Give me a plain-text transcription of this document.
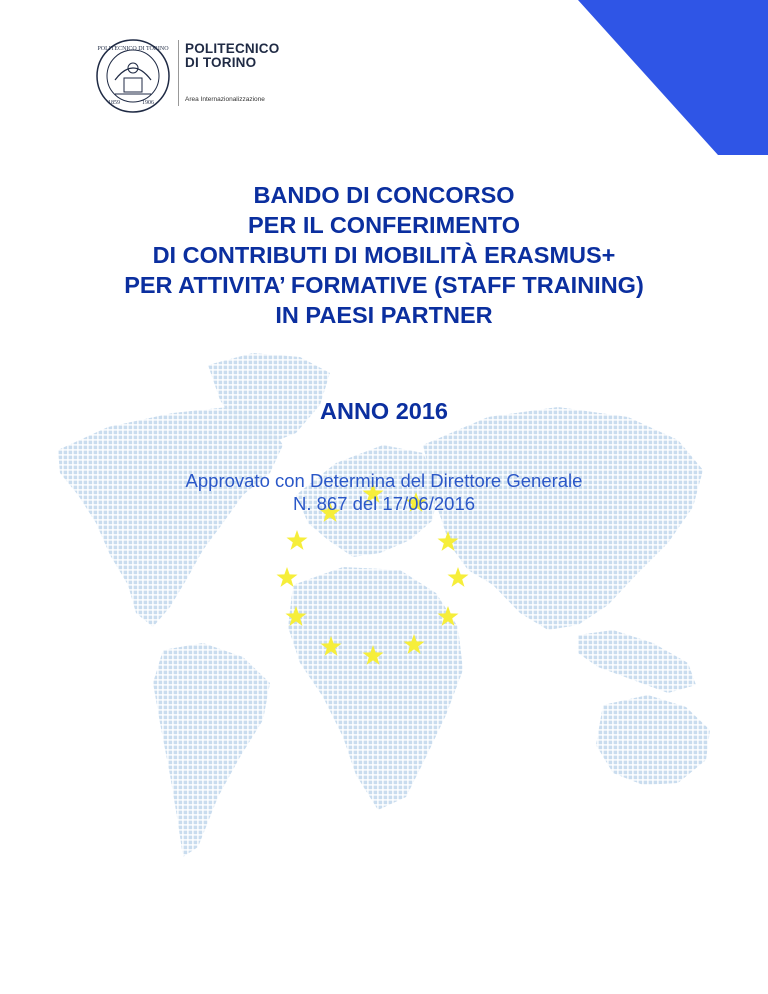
POLITECNICO DI TORINO
1859	1906
POLITECNICO
DI TORINO
Area Internazionalizzazione
BANDO DI CONCORSO
PER IL CONFERIMENTO
DI CONTRIBUTI DI MOBILITÀ ERASMUS+
PER ATTIVITA’ FORMATIVE (STAFF TRAINING)
IN PAESI PARTNER
ANNO 2016
Approvato con Determina del Direttore Generale
N. 867 del 17/06/2016
